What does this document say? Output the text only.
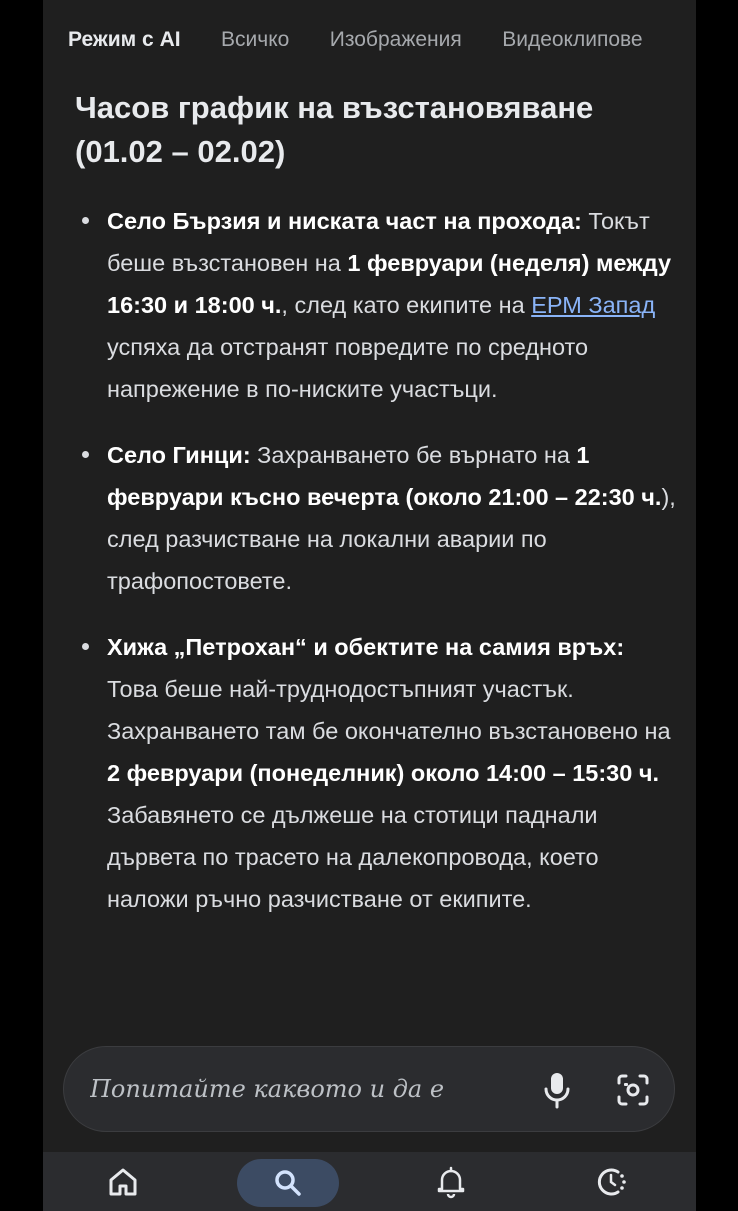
Режим с AI Всичко Изображения Видеоклипове
Часов график на възстановяване
(01.02 – 02.02)
Село Бързия и ниската част на прохода: Токът беше възстановен на 1 февруари (неделя) между 16:30 и 18:00 ч., след като екипите на ЕРМ Запад успяха да отстранят повредите по средното напрежение в по-ниските участъци.
Село Гинци: Захранването бе върнато на 1 февруари късно вечерта (около 21:00 – 22:30 ч.), след разчистване на локални аварии по трафопостовете.
Хижа „Петрохан“ и обектите на самия връх: Това беше най-труднодостъпният участък. Захранването там бе окончателно възстановено на 2 февруари (понеделник) около 14:00 – 15:30 ч. Забавянето се дължеше на стотици паднали дървета по трасето на далекопровода, което наложи ръчно разчистване от екипите.
Попитайте каквото и да е
